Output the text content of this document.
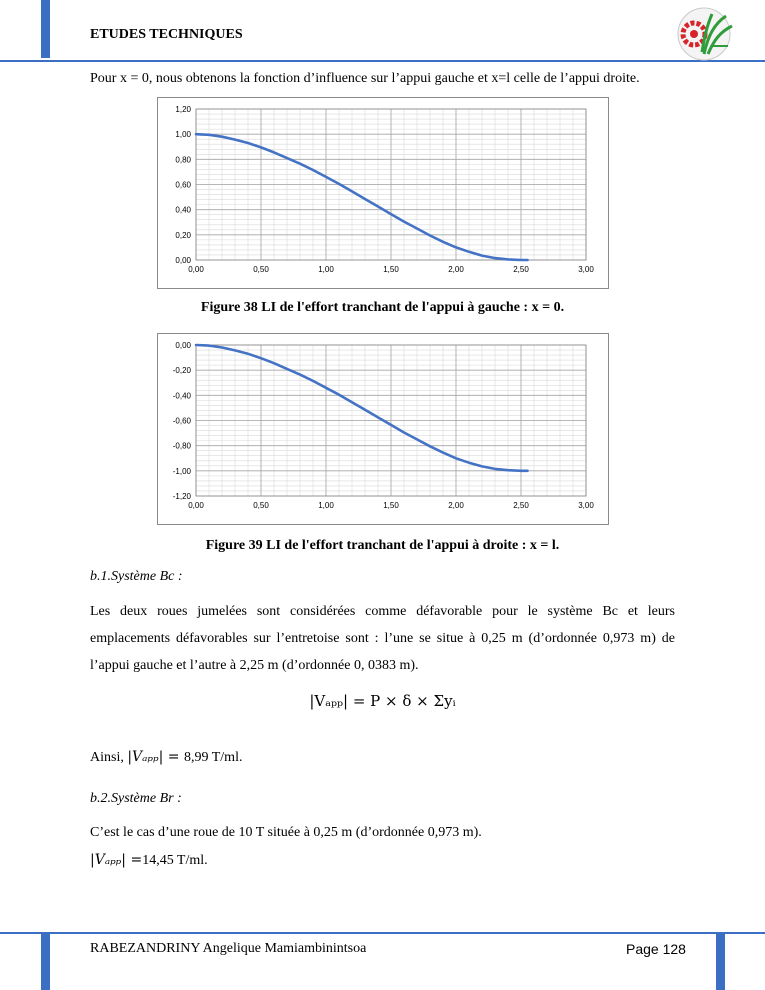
ETUDES TECHNIQUES
Pour x = 0, nous obtenons la fonction d’influence sur l’appui gauche et x=l celle de l’appui droite.
0,00
0,20
0,40
0,60
0,80
1,00
1,20
0,00	0,50	1,00	1,50	2,00	2,50	3,00
Figure 38 LI de l'effort tranchant de l'appui à gauche : x = 0.
0,00
-0,20
-0,40
-0,60
-0,80
-1,00
-1,20
0,00	0,50	1,00	1,50	2,00	2,50	3,00
Figure 39 LI de l'effort tranchant de l'appui à droite : x = l.
b.1.Système Bc :
Les deux roues jumelées sont considérées comme défavorable pour le système Bc et leurs emplacements défavorables sur l’entretoise sont : l’une se situe à 0,25 m (d’ordonnée 0,973 m) de l’appui gauche et l’autre à 2,25 m (d’ordonnée 0, 0383 m).
|Vₐₚₚ| = P × δ × Σyᵢ
Ainsi, |Vₐₚₚ| = 8,99 T/ml.
b.2.Système Br :
C’est le cas d’une roue de 10 T située à 0,25 m (d’ordonnée 0,973 m).
|Vₐₚₚ| =14,45 T/ml.
RABEZANDRINY Angelique Mamiambinintsoa	Page 128
